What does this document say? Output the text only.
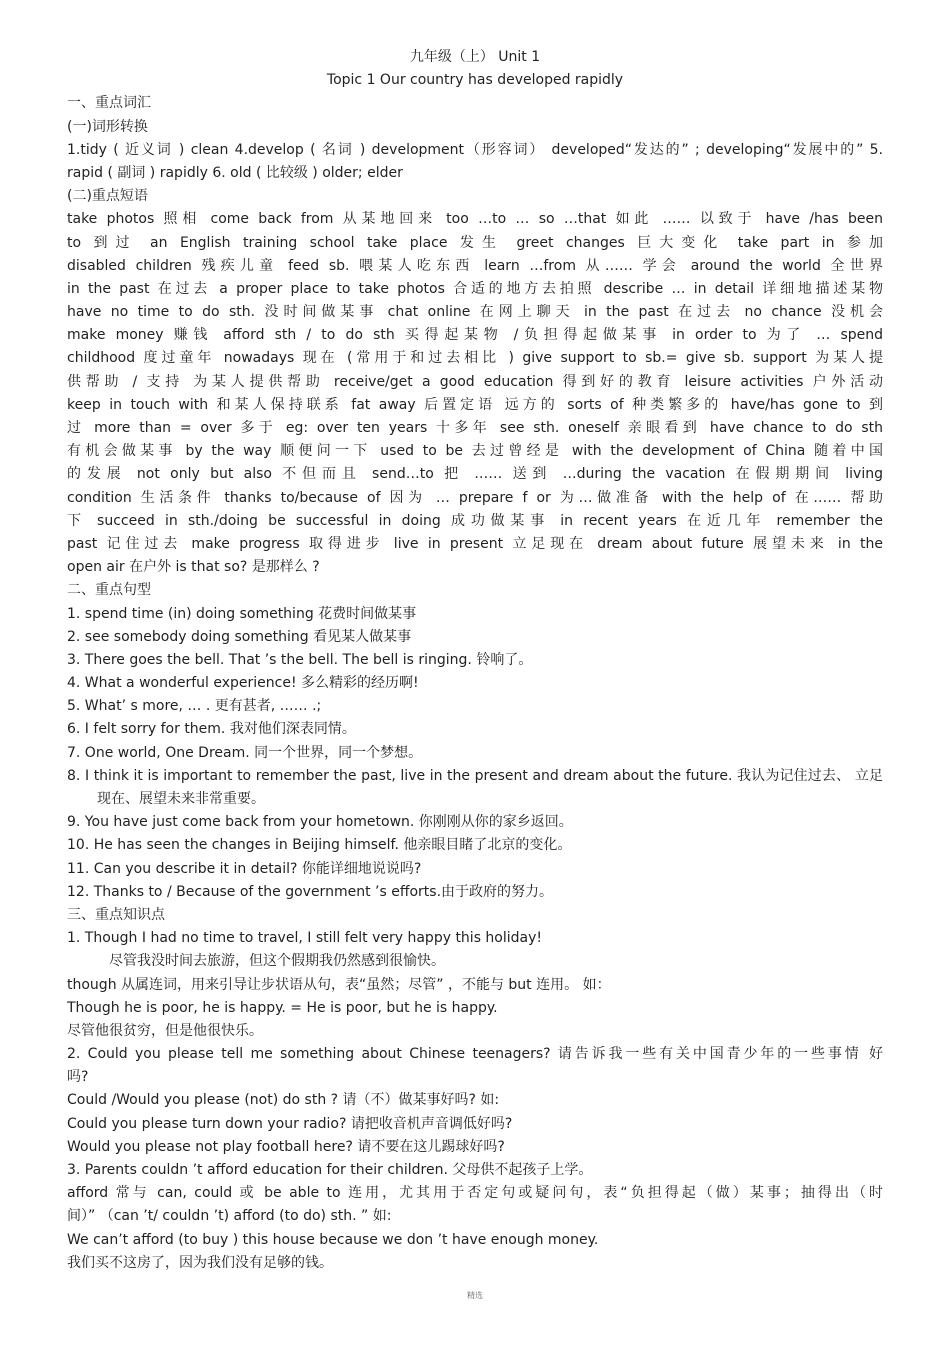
九年级（上） Unit 1
Topic 1 Our country has developed rapidly
一、重点词汇
(一)词形转换
1.tidy ( 近义词 ) clean 4.develop ( 名词 ) development（形容词） developed“发达的” ; developing“发展中的” 5.
rapid ( 副词 ) rapidly 6. old ( 比较级 ) older; elder
(二)重点短语
take photos 照相 come back from 从某地回来 too …to … so …that 如此 …… 以致于 have /has been
to 到过 an English training school take place 发生 greet changes 巨大变化 take part in 参加
disabled children 残疾儿童 feed sb. 喂某人吃东西 learn …from 从…… 学会 around the world 全世界
in the past 在过去 a proper place to take photos 合适的地方去拍照 describe … in detail 详细地描述某物
have no time to do sth. 没时间做某事 chat online 在网上聊天 in the past 在过去 no chance 没机会
make money 赚钱 afford sth / to do sth 买得起某物 /负担得起做某事 in order to 为了 … spend
childhood 度过童年 nowadays 现在 (常用于和过去相比 ) give support to sb.= give sb. support 为某人提
供帮助 / 支持 为某人提供帮助 receive/get a good education 得到好的教育 leisure activities 户外活动
keep in touch with 和某人保持联系 fat away 后置定语 远方的 sorts of 种类繁多的 have/has gone to 到
过 more than = over 多于 eg: over ten years 十多年 see sth. oneself 亲眼看到 have chance to do sth
有机会做某事 by the way 顺便问一下 used to be 去过曾经是 with the development of China 随着中国
的发展 not only but also 不但而且 send…to 把 …… 送到 …during the vacation 在假期期间 living
condition 生活条件 thanks to/because of 因为 … prepare f or 为…做准备 with the help of 在…… 帮助
下 succeed in sth./doing be successful in doing 成功做某事 in recent years 在近几年 remember the
past 记住过去 make progress 取得进步 live in present 立足现在 dream about future 展望未来 in the
open air 在户外 is that so? 是那样么 ?
二、重点句型
1. spend time (in) doing something 花费时间做某事
2. see somebody doing something 看见某人做某事
3. There goes the bell. That ’s the bell. The bell is ringing. 铃响了。
4. What a wonderful experience! 多么精彩的经历啊!
5. What’ s more, … . 更有甚者, …… .;
6. I felt sorry for them. 我对他们深表同情。
7. One world, One Dream. 同一个世界，同一个梦想。
8. I think it is important to remember the past, live in the present and dream about the future. 我认为记住过去、 立足
现在、展望未来非常重要。
9. You have just come back from your hometown. 你刚刚从你的家乡返回。
10. He has seen the changes in Beijing himself. 他亲眼目睹了北京的变化。
11. Can you describe it in detail? 你能详细地说说吗?
12. Thanks to / Because of the government ’s efforts.由于政府的努力。
三、重点知识点
1. Though I had no time to travel, I still felt very happy this holiday!
尽管我没时间去旅游，但这个假期我仍然感到很愉快。
though 从属连词，用来引导让步状语从句，表“虽然；尽管” ，不能与 but 连用。 如：
Though he is poor, he is happy. = He is poor, but he is happy.
尽管他很贫穷，但是他很快乐。
2. Could you please tell me something about Chinese teenagers? 请告诉我一些有关中国青少年的一些事情 好
吗?
Could /Would you please (not) do sth ? 请（不）做某事好吗? 如:
Could you please turn down your radio? 请把收音机声音调低好吗?
Would you please not play football here? 请不要在这儿踢球好吗?
3. Parents couldn ’t afford education for their children. 父母供不起孩子上学。
afford 常与 can, could 或 be able to 连用，尤其用于否定句或疑问句，表“负担得起（做）某事；抽得出（时
间）” （can ’t/ couldn ’t) afford (to do) sth. ” 如:
We can’t afford (to buy ) this house because we don ’t have enough money.
我们买不这房了，因为我们没有足够的钱。
精选
